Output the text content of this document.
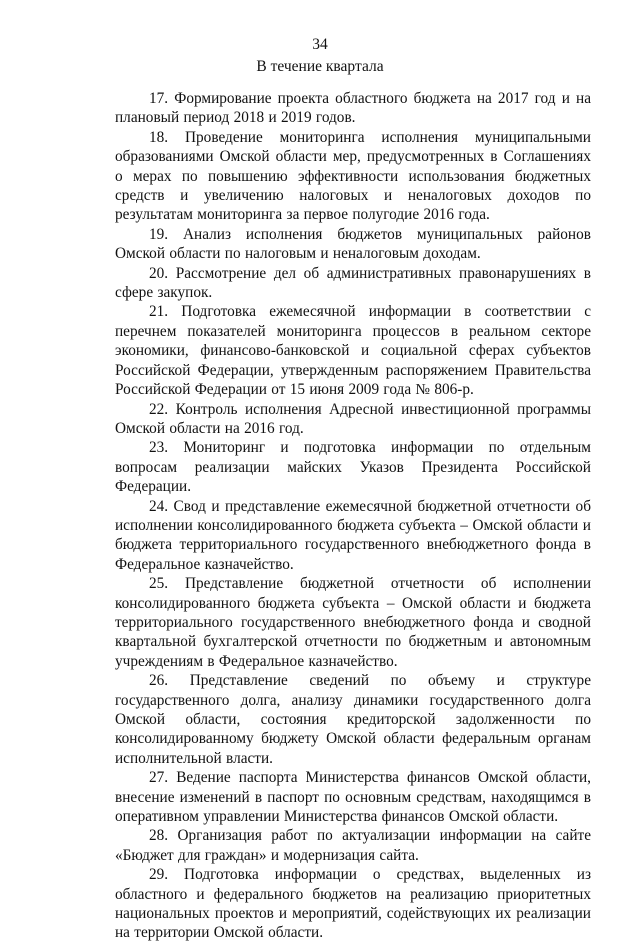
34
В течение квартала

17. Формирование проекта областного бюджета на 2017 год и на плановый период 2018 и 2019 годов.

18. Проведение мониторинга исполнения муниципальными образованиями Омской области мер, предусмотренных в Соглашениях о мерах по повышению эффективности использования бюджетных средств и увеличению налоговых и неналоговых доходов по результатам мониторинга за первое полугодие 2016 года.

19. Анализ исполнения бюджетов муниципальных районов Омской области по налоговым и неналоговым доходам.

20. Рассмотрение дел об административных правонарушениях в сфере закупок.

21. Подготовка ежемесячной информации в соответствии с перечнем показателей мониторинга процессов в реальном секторе экономики, финансово-банковской и социальной сферах субъектов Российской Федерации, утвержденным распоряжением Правительства Российской Федерации от 15 июня 2009 года № 806-р.

22. Контроль исполнения Адресной инвестиционной программы Омской области на 2016 год.

23. Мониторинг и подготовка информации по отдельным вопросам реализации майских Указов Президента Российской Федерации.

24. Свод и представление ежемесячной бюджетной отчетности об исполнении консолидированного бюджета субъекта – Омской области и бюджета территориального государственного внебюджетного фонда в Федеральное казначейство.

25. Представление бюджетной отчетности об исполнении консолидированного бюджета субъекта – Омской области и бюджета территориального государственного внебюджетного фонда и сводной квартальной бухгалтерской отчетности по бюджетным и автономным учреждениям в Федеральное казначейство.

26. Представление сведений по объему и структуре государственного долга, анализу динамики государственного долга Омской области, состояния кредиторской задолженности по консолидированному бюджету Омской области федеральным органам исполнительной власти.

27. Ведение паспорта Министерства финансов Омской области, внесение изменений в паспорт по основным средствам, находящимся в оперативном управлении Министерства финансов Омской области.

28. Организация работ по актуализации информации на сайте «Бюджет для граждан» и модернизация сайта.

29. Подготовка информации о средствах, выделенных из областного и федерального бюджетов на реализацию приоритетных национальных проектов и мероприятий, содействующих их реализации на территории Омской области.
